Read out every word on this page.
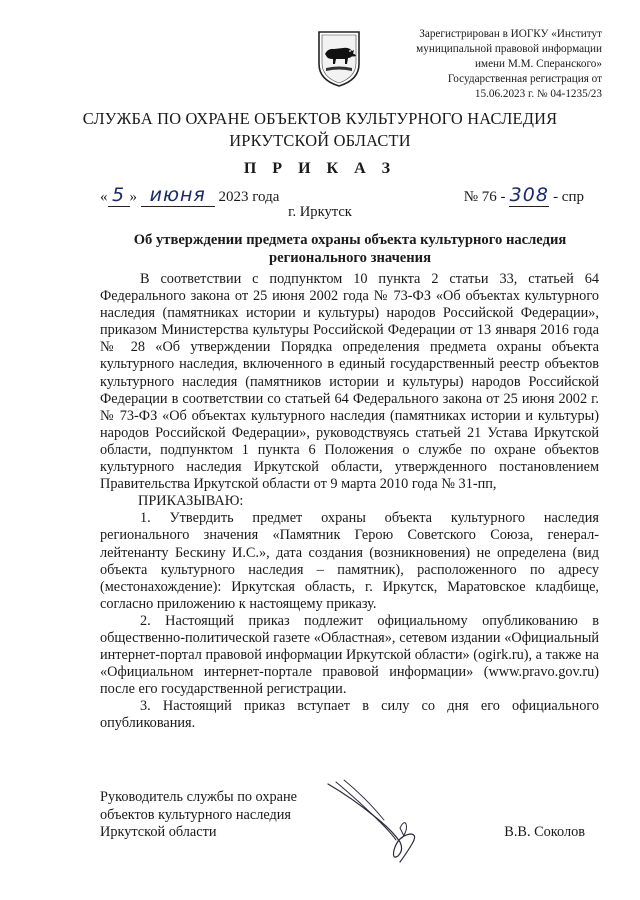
Зарегистрирован в ИОГКУ «Институт
муниципальной правовой информации
имени М.М. Сперанского»
Государственная регистрация от
15.06.2023 г. № 04-1235/23
СЛУЖБА ПО ОХРАНЕ ОБЪЕКТОВ КУЛЬТУРНОГО НАСЛЕДИЯ
ИРКУТСКОЙ ОБЛАСТИ
П Р И К А З
« 5 » июня 2023 года	№ 76 - 308 - спр
г. Иркутск
Об утверждении предмета охраны объекта культурного наследия
регионального значения

В соответствии с подпунктом 10 пункта 2 статьи 33, статьей 64 Федерального закона от 25 июня 2002 года № 73-ФЗ «Об объектах культурного наследия (памятниках истории и культуры) народов Российской Федерации», приказом Министерства культуры Российской Федерации от 13 января 2016 года № 28 «Об утверждении Порядка определения предмета охраны объекта культурного наследия, включенного в единый государственный реестр объектов культурного наследия (памятников истории и культуры) народов Российской Федерации в соответствии со статьей 64 Федерального закона от 25 июня 2002 г. № 73-ФЗ «Об объектах культурного наследия (памятниках истории и культуры) народов Российской Федерации», руководствуясь статьей 21 Устава Иркутской области, подпунктом 1 пункта 6 Положения о службе по охране объектов культурного наследия Иркутской области, утвержденного постановлением Правительства Иркутской области от 9 марта 2010 года № 31-пп,

ПРИКАЗЫВАЮ:

1. Утвердить предмет охраны объекта культурного наследия регионального значения «Памятник Герою Советского Союза, генерал-лейтенанту Бескину И.С.», дата создания (возникновения) не определена (вид объекта культурного наследия – памятник), расположенного по адресу (местонахождение): Иркутская область, г. Иркутск, Маратовское кладбище, согласно приложению к настоящему приказу.

2. Настоящий приказ подлежит официальному опубликованию в общественно-политической газете «Областная», сетевом издании «Официальный интернет-портал правовой информации Иркутской области» (ogirk.ru), а также на «Официальном интернет-портале правовой информации» (www.pravo.gov.ru) после его государственной регистрации.

3. Настоящий приказ вступает в силу со дня его официального опубликования.

Руководитель службы по охране
объектов культурного наследия
Иркутской области	В.В. Соколов
